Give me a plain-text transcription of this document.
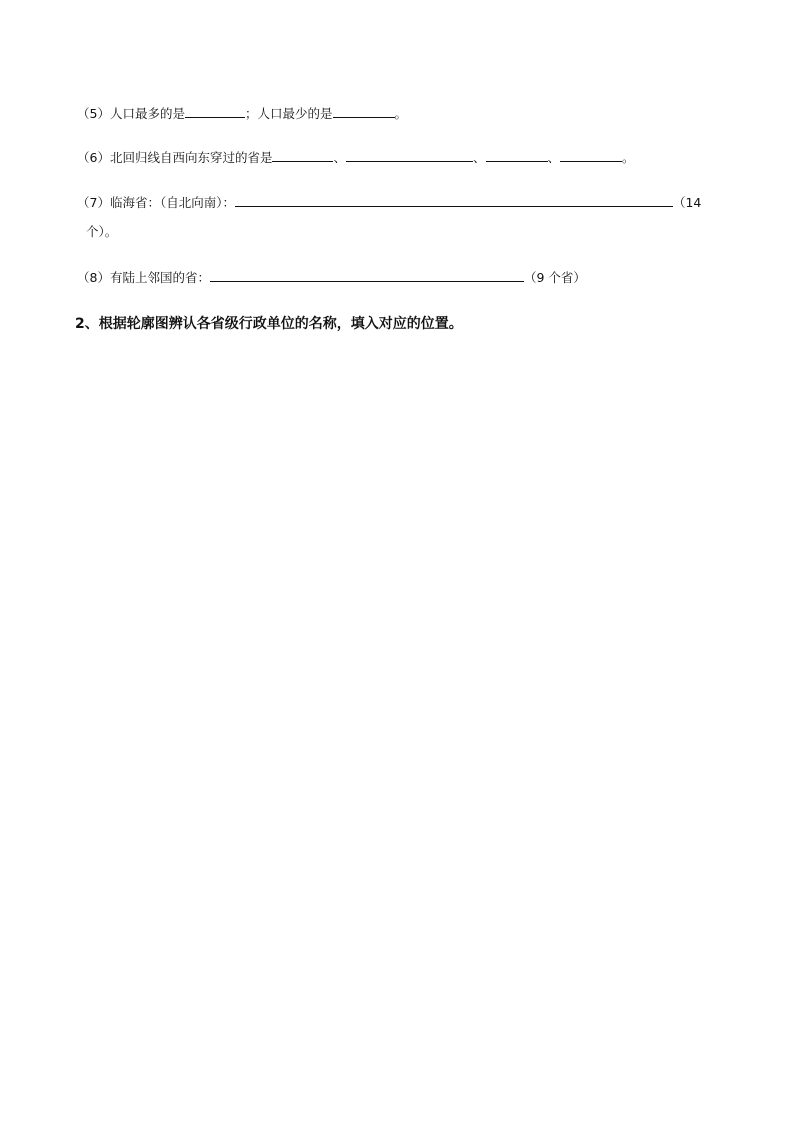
（5）人口最多的是	；人口最少的是	。
（6）北回归线自西向东穿过的省是	、	、	、	。
（7）临海省：（自北向南）：	（14
个）。
（8）有陆上邻国的省：	（9 个省）
2、根据轮廓图辨认各省级行政单位的名称，填入对应的位置。
